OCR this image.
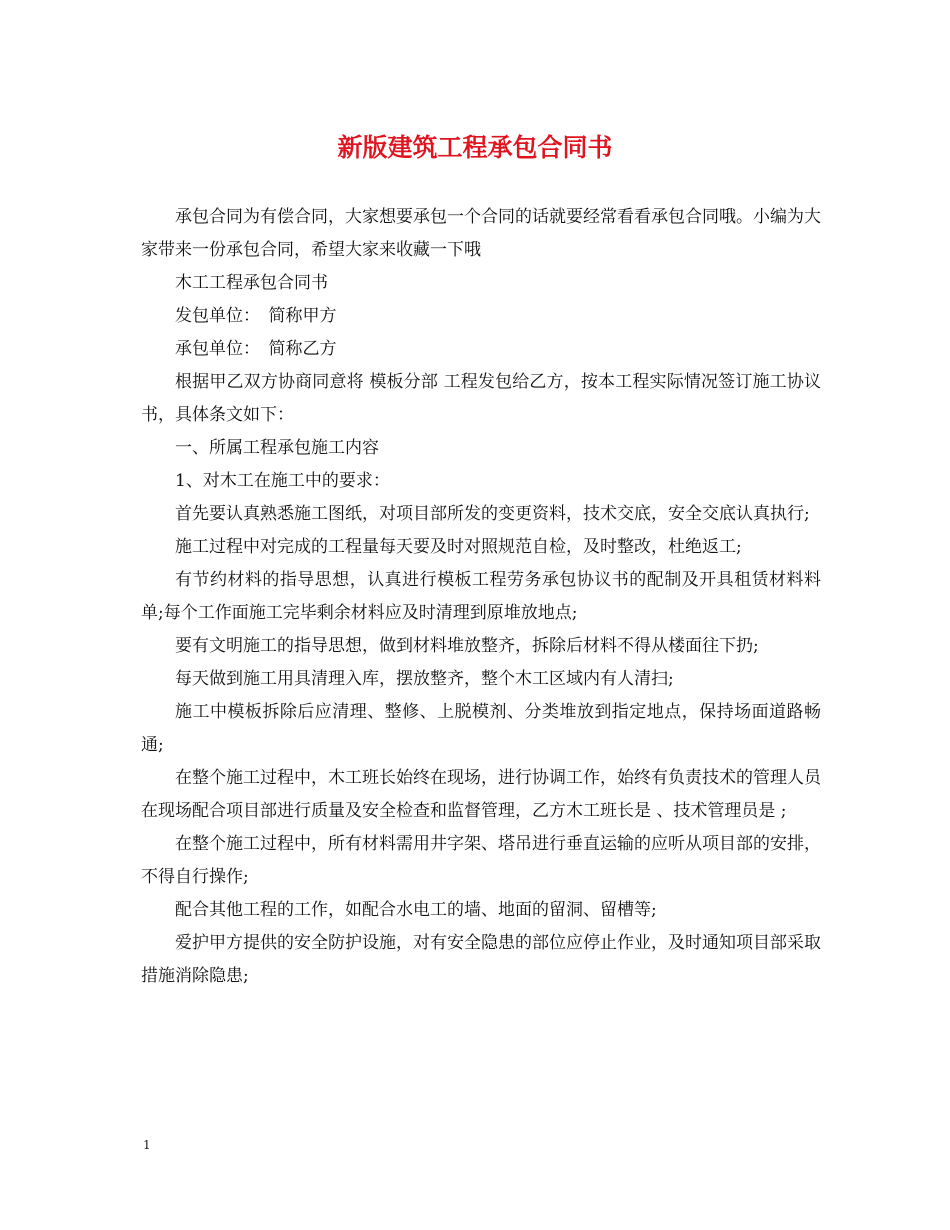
新版建筑工程承包合同书

承包合同为有偿合同，大家想要承包一个合同的话就要经常看看承包合同哦。小编为大家带来一份承包合同，希望大家来收藏一下哦

木工工程承包合同书

发包单位：　简称甲方

承包单位：　简称乙方

根据甲乙双方协商同意将 模板分部 工程发包给乙方，按本工程实际情况签订施工协议书，具体条文如下：

一、所属工程承包施工内容

1、对木工在施工中的要求：

首先要认真熟悉施工图纸，对项目部所发的变更资料，技术交底，安全交底认真执行;

施工过程中对完成的工程量每天要及时对照规范自检，及时整改，杜绝返工;

有节约材料的指导思想，认真进行模板工程劳务承包协议书的配制及开具租赁材料料单;每个工作面施工完毕剩余材料应及时清理到原堆放地点;

要有文明施工的指导思想，做到材料堆放整齐，拆除后材料不得从楼面往下扔;

每天做到施工用具清理入库，摆放整齐，整个木工区域内有人清扫;

施工中模板拆除后应清理、整修、上脱模剂、分类堆放到指定地点，保持场面道路畅通;

在整个施工过程中，木工班长始终在现场，进行协调工作，始终有负责技术的管理人员在现场配合项目部进行质量及安全检查和监督管理，乙方木工班长是 、技术管理员是 ;

在整个施工过程中，所有材料需用井字架、塔吊进行垂直运输的应听从项目部的安排，不得自行操作;

配合其他工程的工作，如配合水电工的墙、地面的留洞、留槽等;

爱护甲方提供的安全防护设施，对有安全隐患的部位应停止作业，及时通知项目部采取措施消除隐患;

1
